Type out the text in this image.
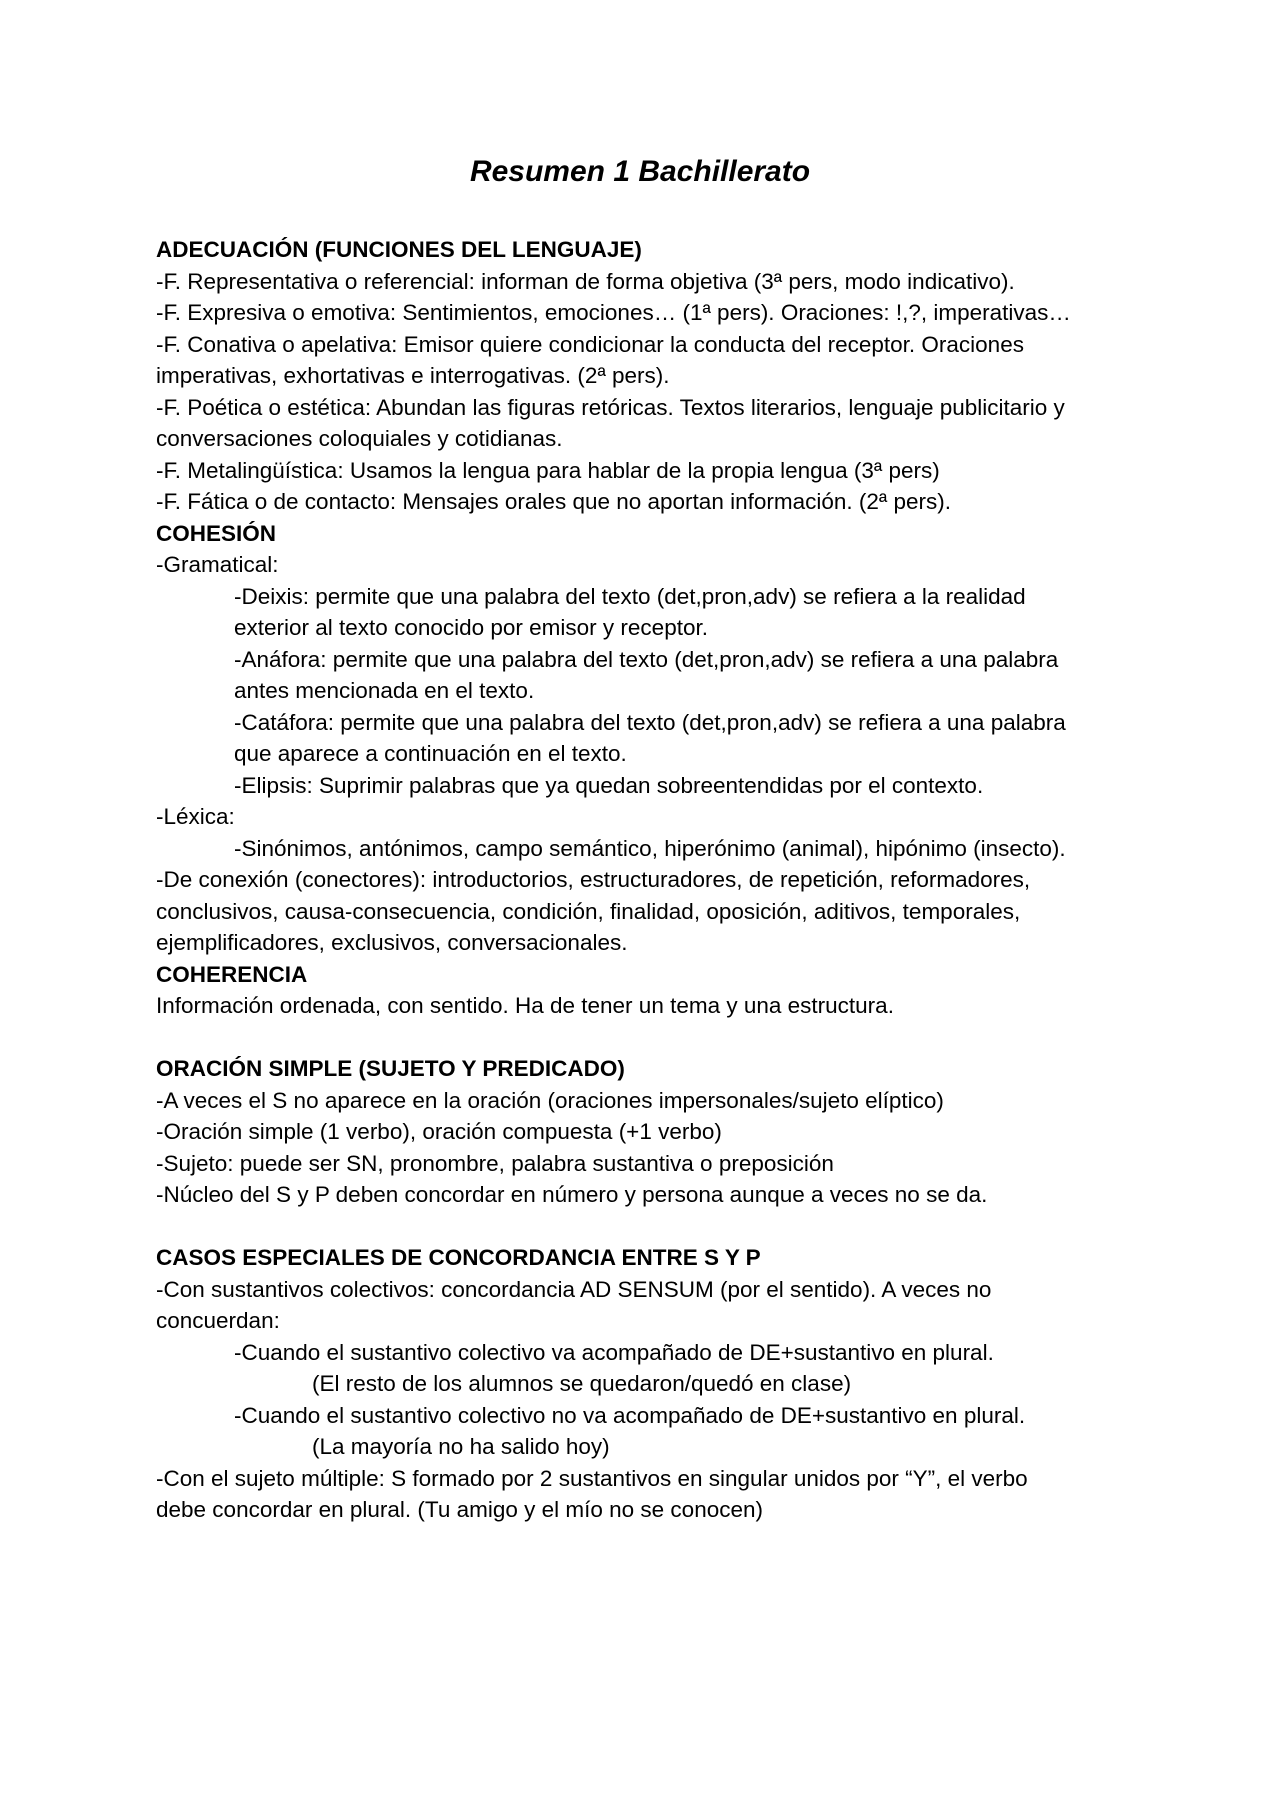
Resumen 1 Bachillerato

ADECUACIÓN (FUNCIONES DEL LENGUAJE)

-F. Representativa o referencial: informan de forma objetiva (3ª pers, modo indicativo).

-F. Expresiva o emotiva: Sentimientos, emociones… (1ª pers). Oraciones: !,?, imperativas…

-F. Conativa o apelativa: Emisor quiere condicionar la conducta del receptor. Oraciones

imperativas, exhortativas e interrogativas. (2ª pers).

-F. Poética o estética: Abundan las figuras retóricas. Textos literarios, lenguaje publicitario y

conversaciones coloquiales y cotidianas.

-F. Metalingüística: Usamos la lengua para hablar de la propia lengua (3ª pers)

-F. Fática o de contacto: Mensajes orales que no aportan información. (2ª pers).

COHESIÓN

-Gramatical:

-Deixis: permite que una palabra del texto (det,pron,adv) se refiera a la realidad

exterior al texto conocido por emisor y receptor.

-Anáfora: permite que una palabra del texto (det,pron,adv) se refiera a una palabra

antes mencionada en el texto.

-Catáfora: permite que una palabra del texto (det,pron,adv) se refiera a una palabra

que aparece a continuación en el texto.

-Elipsis: Suprimir palabras que ya quedan sobreentendidas por el contexto.

-Léxica:

-Sinónimos, antónimos, campo semántico, hiperónimo (animal), hipónimo (insecto).

-De conexión (conectores): introductorios, estructuradores, de repetición, reformadores,

conclusivos, causa-consecuencia, condición, finalidad, oposición, aditivos, temporales,

ejemplificadores, exclusivos, conversacionales.

COHERENCIA

Información ordenada, con sentido. Ha de tener un tema y una estructura.

ORACIÓN SIMPLE (SUJETO Y PREDICADO)

-A veces el S no aparece en la oración (oraciones impersonales/sujeto elíptico)

-Oración simple (1 verbo), oración compuesta (+1 verbo)

-Sujeto: puede ser SN, pronombre, palabra sustantiva o preposición

-Núcleo del S y P deben concordar en número y persona aunque a veces no se da.

CASOS ESPECIALES DE CONCORDANCIA ENTRE S Y P

-Con sustantivos colectivos: concordancia AD SENSUM (por el sentido). A veces no

concuerdan:

-Cuando el sustantivo colectivo va acompañado de DE+sustantivo en plural.

(El resto de los alumnos se quedaron/quedó en clase)

-Cuando el sustantivo colectivo no va acompañado de DE+sustantivo en plural.

(La mayoría no ha salido hoy)

-Con el sujeto múltiple: S formado por 2 sustantivos en singular unidos por “Y”, el verbo

debe concordar en plural. (Tu amigo y el mío no se conocen)
